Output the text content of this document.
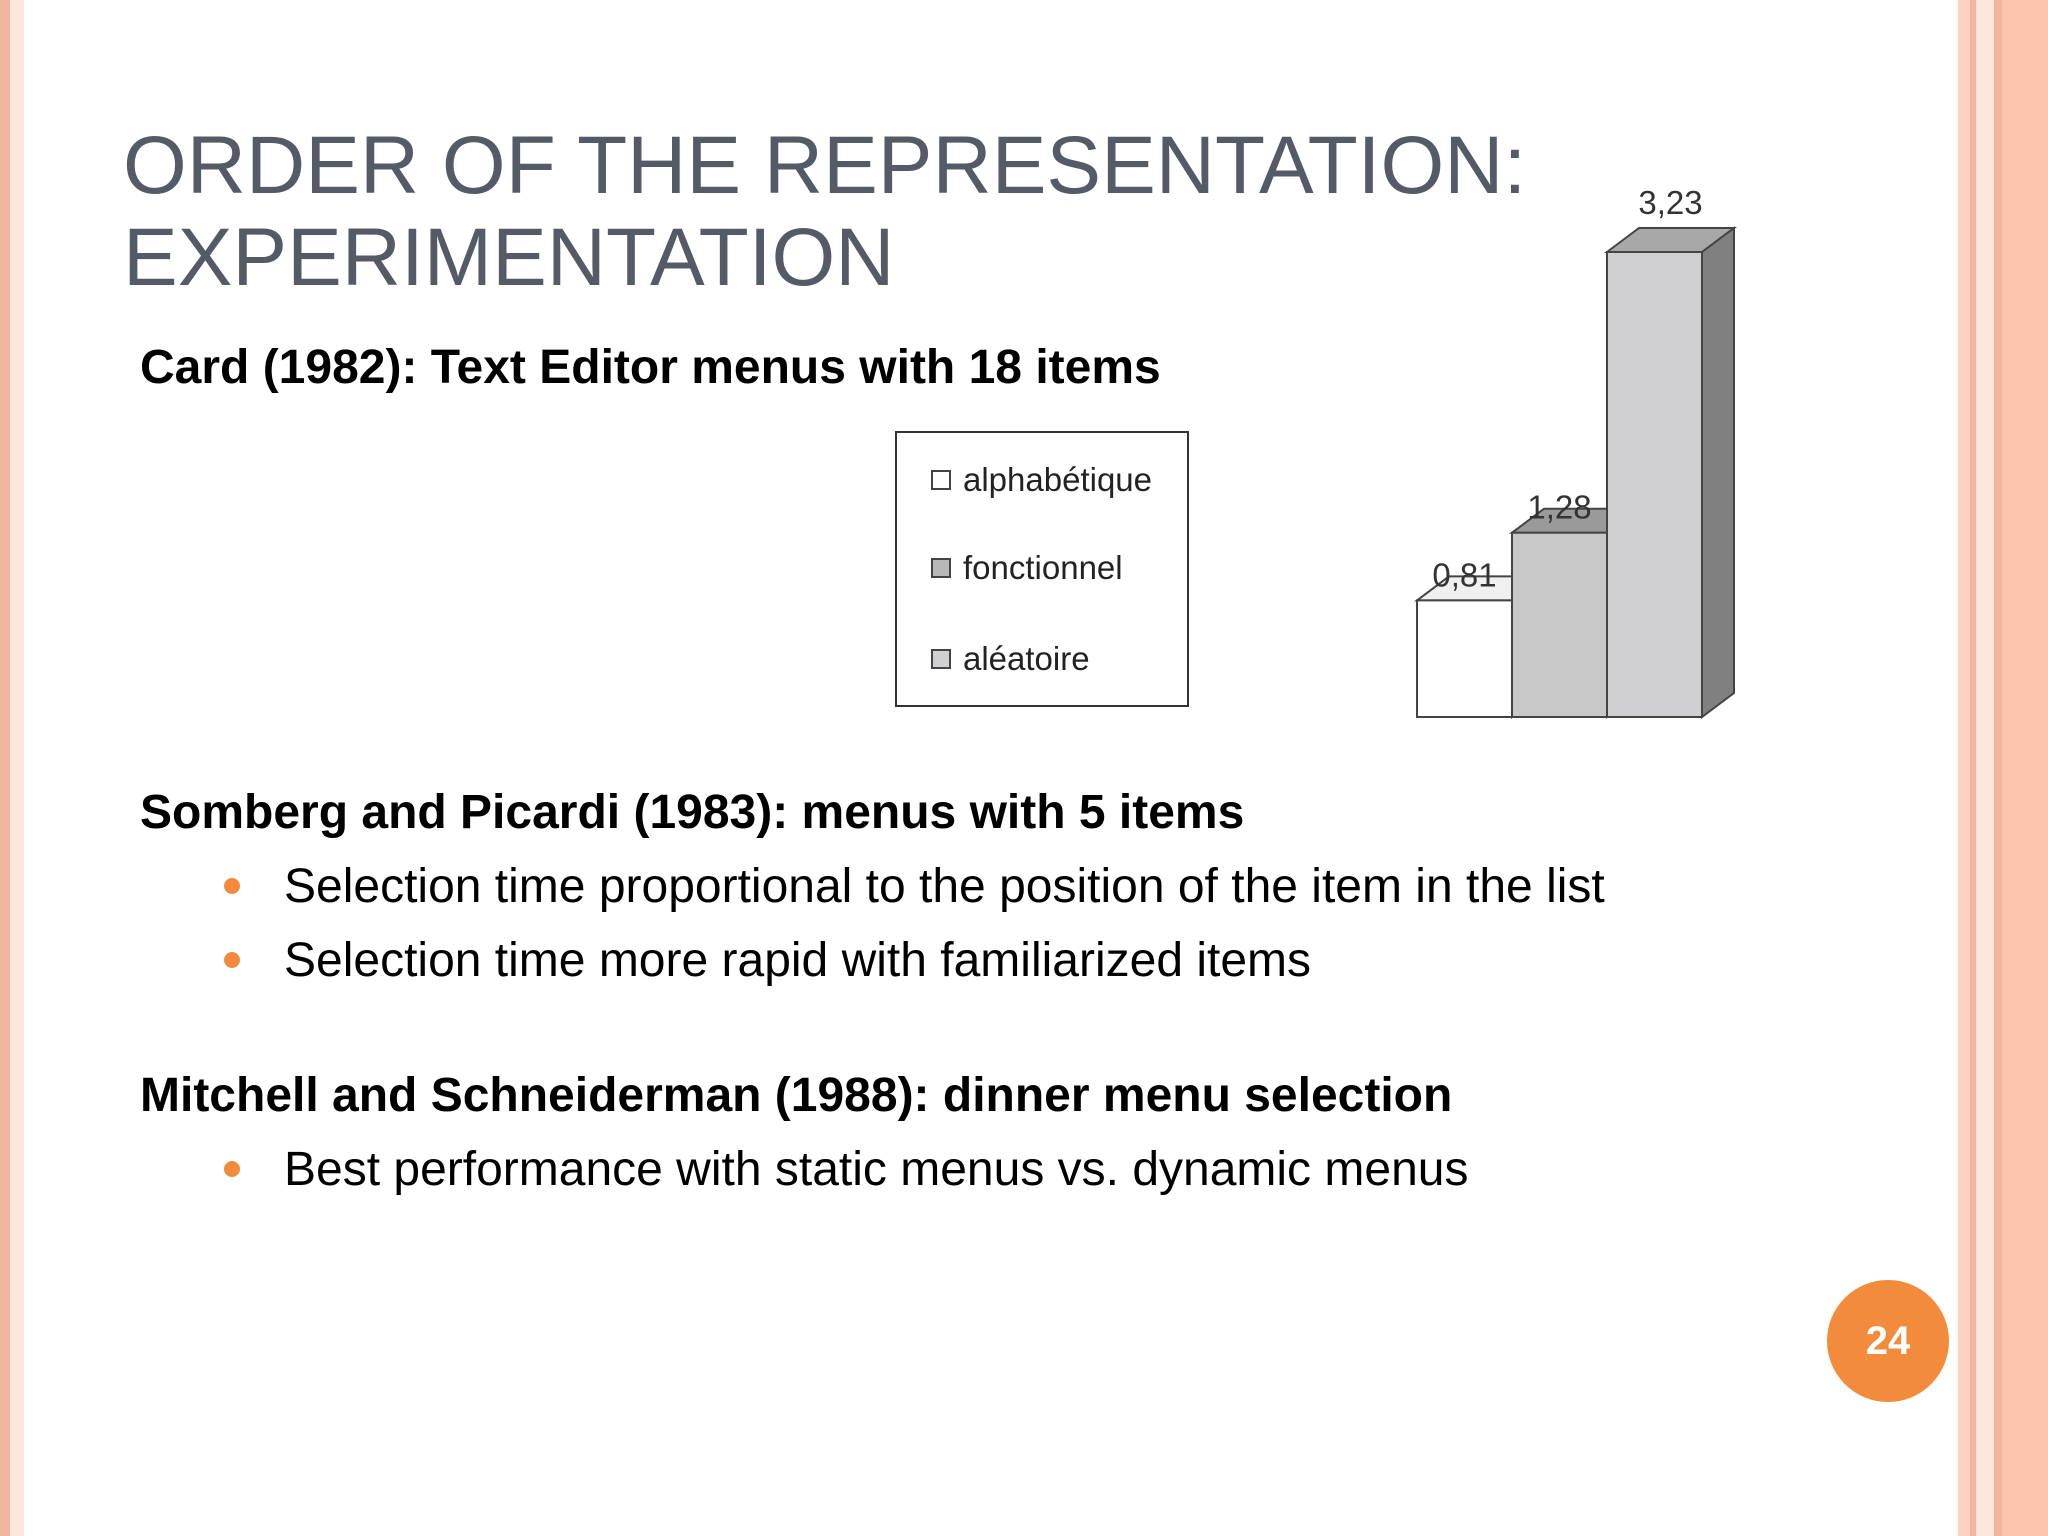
ORDER OF THE REPRESENTATION:
EXPERIMENTATION

Card (1982): Text Editor menus with 18 items

alphabétique
fonctionnel
aléatoire
0,81
1,28
3,23

Somberg and Picardi (1983): menus with 5 items

Selection time proportional to the position of the item in the list
Selection time more rapid with familiarized items

Mitchell and Schneiderman (1988): dinner menu selection

Best performance with static menus vs. dynamic menus
24
